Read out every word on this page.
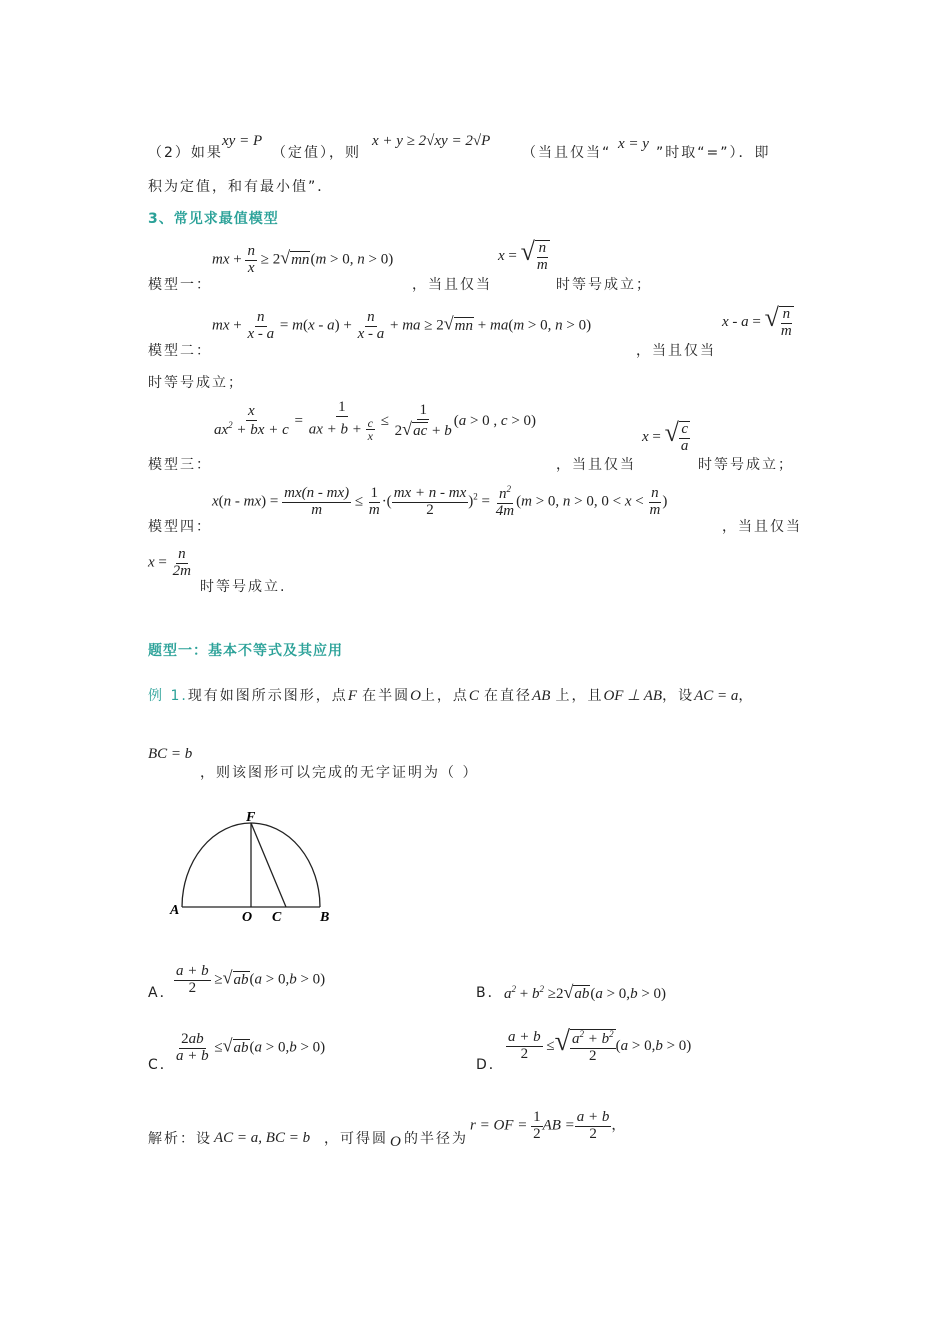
（2）如果
xy = P
（定值），则
x + y ≥ 2√xy = 2√P
（当且仅当“
x = y
”时取“=”）．即
积为定值，和有最小值”．
3、常见求最值模型
mx + $\frac{n}{x} \ge 2√mn(m > 0$, n > 0)
模型一：	，当且仅当
x = √ $\frac{n}{m}$
时等号成立；
mx + $\frac{n}{x - a} = m(x - a) + \frac{n}{x - a}$ + ma ≥ 2√mn + ma(m > 0, n > 0)
模型二：	，当且仅当
x - a = √ $\frac{n}{m}$
时等号成立；
$\frac{x}{ax^2 + bx + c} = \frac{1}{ax + b + \frac{c}{x}} \le \frac{1}{2√ac + b} (a > 0$ , c > 0)
模型三：	，当且仅当
x = √ $\frac{c}{a}$
时等号成立；
$x(n - mx) = \frac{mx(n - mx)}{m} \le \frac{1}{m}$ ·( $\frac{mx + n - mx}{2} )^2 = \frac{n^2}{4m} (m > 0$, n > 0, $0 < x < \frac{n}{m}$ )
模型四：	，当且仅当
$x = \frac{n}{2m}$
时等号成立.
题型一：基本不等式及其应用
例 1.现有如图所示图形，点F 在半圆O上，点C 在直径AB 上，且OF ⊥ AB，设AC = a，
BC = b
，则该图形可以完成的无字证明为（ ）
A	O C	B
F
A．
$\frac{a + b}{2} \ge√ab(a > 0,b > 0)$
B． $a^2 + b^2 \ge 2√ab(a > 0,b > 0)$
C．
$\frac{2ab}{a + b} \le√ab(a > 0,b > 0)$
D．
$\frac{a + b}{2}$ ≤√ $\frac{a^2 + b^2}{2} (a > 0,b > 0)$
解析：设 AC = a, BC = b ，可得圆 O 的半径为
r = OF = $\frac{1}{2}$ AB = $\frac{a + b}{2}$ ，
